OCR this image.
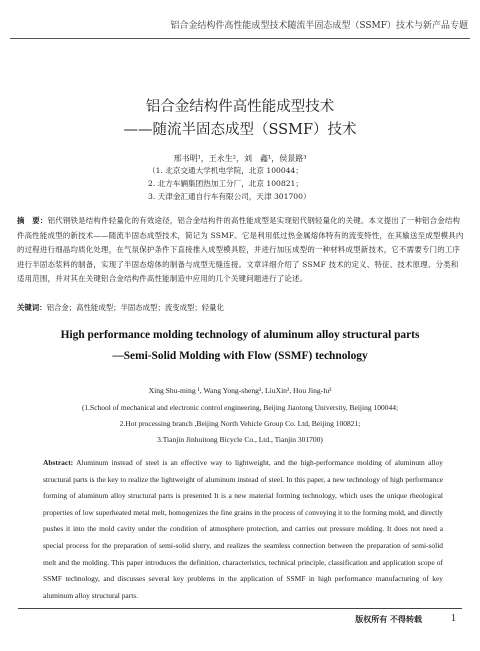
铝合金结构件高性能成型技术随流半固态成型（SSMF）技术与新产品专题
铝合金结构件高性能成型技术
——随流半固态成型（SSMF）技术
邢书明¹，王永生²，刘　鑫¹，侯景路³
（1. 北京交通大学机电学院，北京 100044；
2. 北方车辆集团热加工分厂，北京 100821；
3. 天津金汇通自行车有限公司，天津 301700）
摘　要：铝代钢铁是结构件轻量化的有效途径，铝合金结构件的高性能成型是实现铝代钢轻量化的关键。本文提出了一种铝合金结构件高性能成型的新技术——随流半固态成型技术，简记为 SSMF。它是利用低过热金属熔体特有的流变特性，在其输送至成型模具内的过程进行细晶均质化处理，在气氛保护条件下直接推入成型模具腔，并进行加压成型的一种材料成型新技术，它不需要专门的工序进行半固态浆料的制备，实现了半固态熔体的制备与成型无缝连接。文章详细介绍了 SSMF 技术的定义、特征、技术原理、分类和适用范围，并对其在关键铝合金结构件高性能制造中应用的几个关键问题进行了论述。
关键词：铝合金；高性能成型；半固态成型；流变成型；轻量化
High performance molding technology of aluminum alloy structural parts
—Semi-Solid Molding with Flow (SSMF) technology
Xing Shu-ming ¹, Wang Yong-sheng², LiuXin², Hou Jing-lu³
(1.School of mechanical and electronic control engineering, Beijing Jiaotong University, Beijing 100044;
2.Hot processing branch ,Beijing North Vehicle Group Co. Ltd, Beijing 100821;
3.Tianjin Jinhuitong Bicycle Co., Ltd., Tianjin 301700)
Abstract: Aluminum instead of steel is an effective way to lightweight, and the high-performance molding of aluminum alloy structural parts is the key to realize the lightweight of aluminum instead of steel. In this paper, a new technology of high performance forming of aluminum alloy structural parts is presented It is a new material forming technology, which uses the unique rheological properties of low superheated metal melt, homogenizes the fine grains in the process of conveying it to the forming mold, and directly pushes it into the mold cavity under the condition of atmosphere protection, and carries out pressure molding. It does not need a special process for the preparation of semi-solid slurry, and realizes the seamless connection between the preparation of semi-solid melt and the molding. This paper introduces the definition, characteristics, technical principle, classification and application scope of SSMF technology, and discusses several key problems in the application of SSMF in high performance manufacturing of key aluminum alloy structural parts.
版权所有 不得转载	1
